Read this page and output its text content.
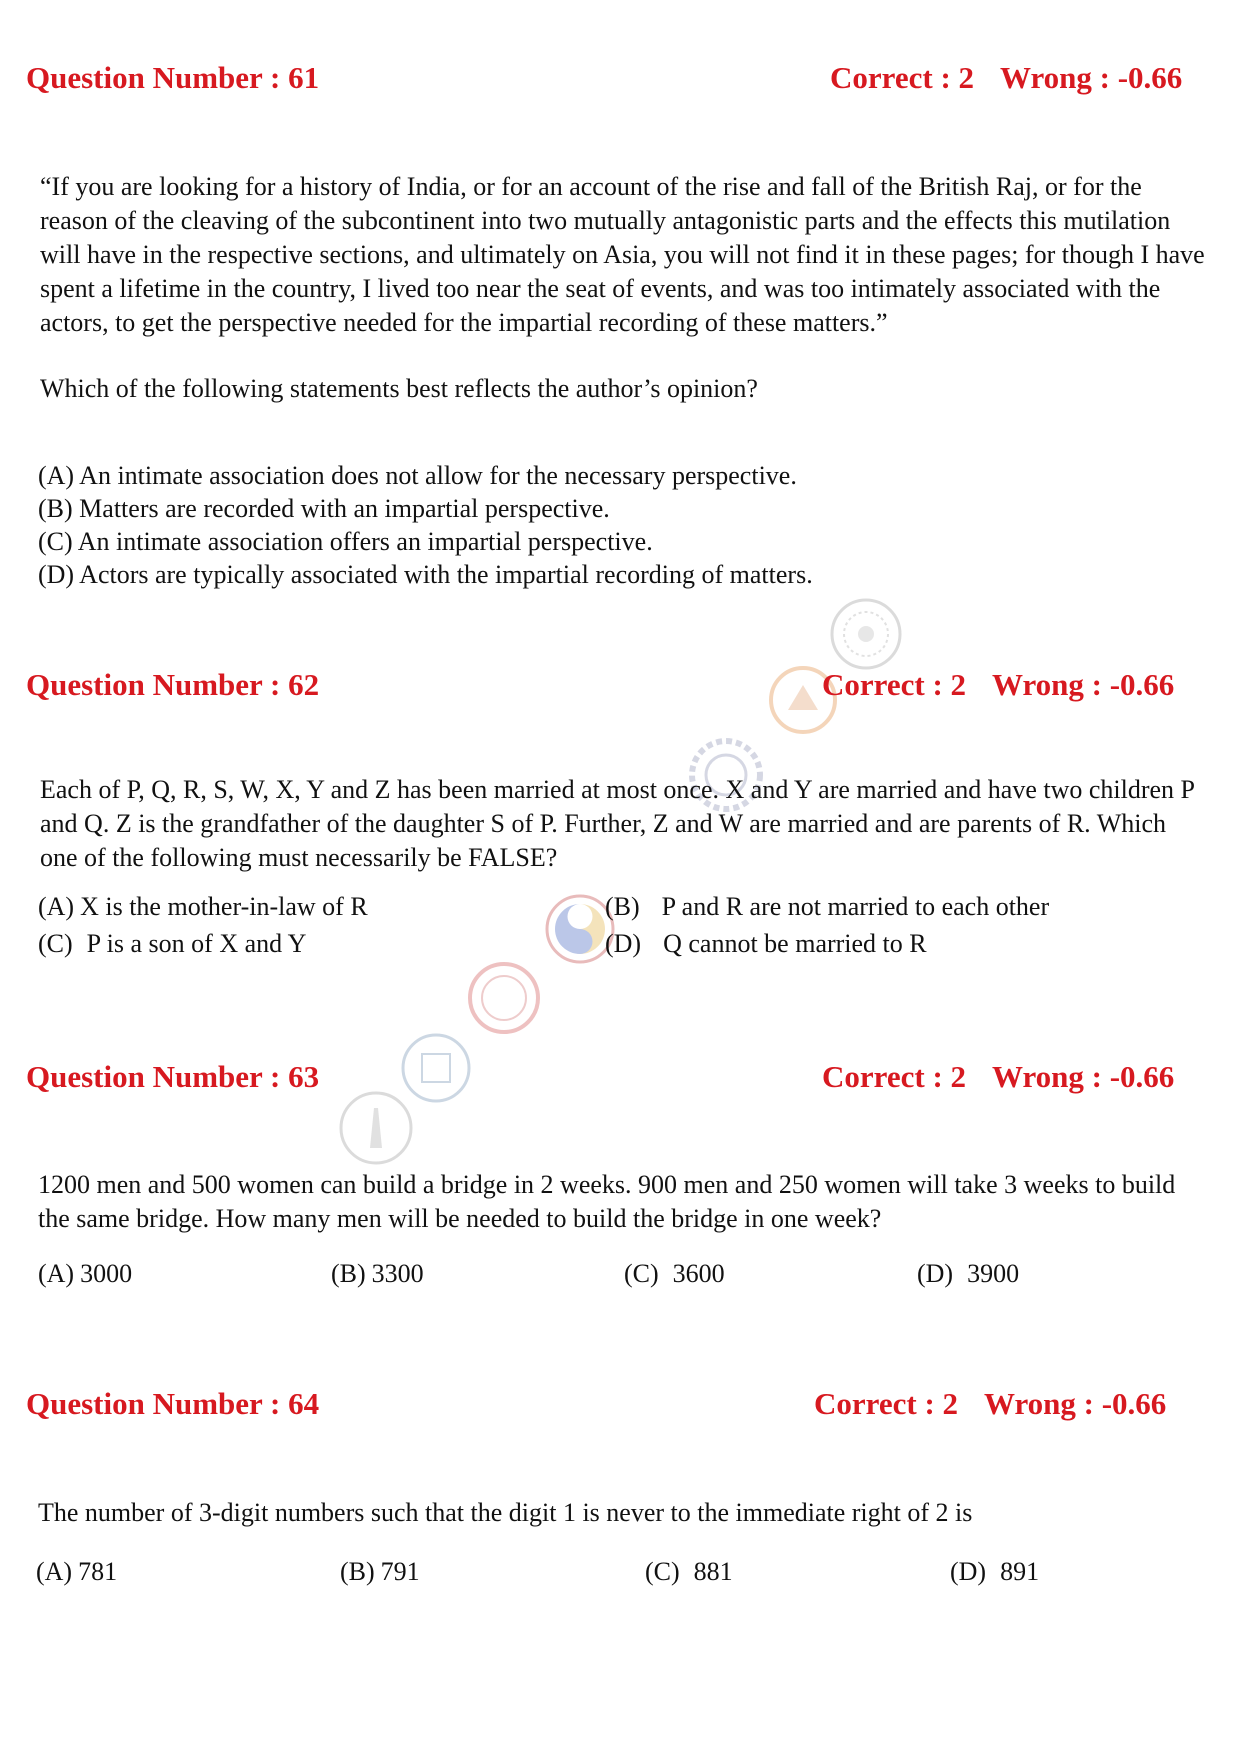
Question Number : 61	Correct : 2 Wrong : -0.66

“If you are looking for a history of India, or for an account of the rise and fall of the British Raj, or for the reason of the cleaving of the subcontinent into two mutually antagonistic parts and the effects this mutilation will have in the respective sections, and ultimately on Asia, you will not find it in these pages; for though I have spent a lifetime in the country, I lived too near the seat of events, and was too intimately associated with the actors, to get the perspective needed for the impartial recording of these matters.”

Which of the following statements best reflects the author’s opinion?

(A) An intimate association does not allow for the necessary perspective.
(B) Matters are recorded with an impartial perspective.
(C) An intimate association offers an impartial perspective.
(D) Actors are typically associated with the impartial recording of matters.
Question Number : 62	Correct : 2 Wrong : -0.66

Each of P, Q, R, S, W, X, Y and Z has been married at most once. X and Y are married and have two children P and Q. Z is the grandfather of the daughter S of P. Further, Z and W are married and are parents of R. Which one of the following must necessarily be FALSE?

(A) X is the mother-in-law of R	(B) P and R are not married to each other
(C) P is a son of X and Y	(D) Q cannot be married to R
Question Number : 63	Correct : 2 Wrong : -0.66

1200 men and 500 women can build a bridge in 2 weeks. 900 men and 250 women will take 3 weeks to build the same bridge. How many men will be needed to build the bridge in one week?

(A) 3000	(B) 3300	(C) 3600	(D) 3900
Question Number : 64	Correct : 2 Wrong : -0.66

The number of 3-digit numbers such that the digit 1 is never to the immediate right of 2 is

(A) 781	(B) 791	(C) 881	(D) 891
